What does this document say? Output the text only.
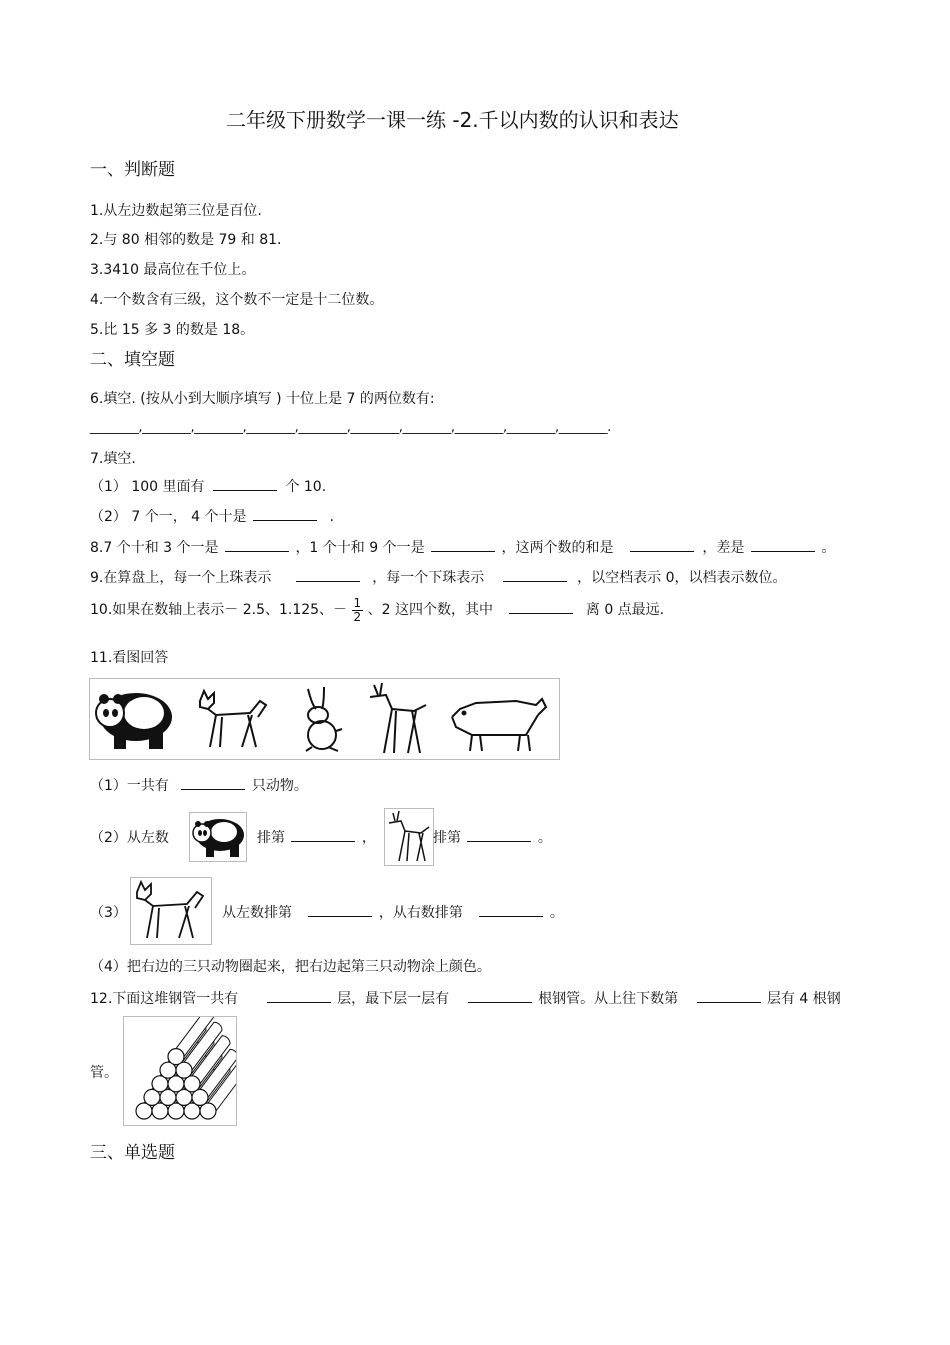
二年级下册数学一课一练 -2.千以内数的认识和表达
一、判断题
1.从左边数起第三位是百位.
2.与 80 相邻的数是 79 和 81.
3.3410 最高位在千位上。
4.一个数含有三级，这个数不一定是十二位数。
5.比 15 多 3 的数是 18。
二、填空题
6.填空. (按从小到大顺序填写 ) 十位上是 7 的两位数有:
________,________,________,________,________,________,________,________,________,________.
7.填空.
（1） 100 里面有	个 10.
（2） 7 个一， 4 个十是	.
8.7 个十和 3 个一是	，1 个十和 9 个一是	，这两个数的和是	，差是	。
9.在算盘上，每一个上珠表示	，每一个下珠表示	，以空档表示 0，以档表示数位。
10.如果在数轴上表示－ 2.5、1.125、－ $\frac{1}{2}$ 、2 这四个数，其中	离 0 点最远.
11.看图回答
（1）一共有	只动物。
（2）从左数	排第	，	排第	。
（3）	从左数排第	，从右数排第	。
（4）把右边的三只动物圈起来，把右边起第三只动物涂上颜色。
12.下面这堆钢管一共有	层，最下层一层有	根钢管。从上往下数第	层有 4 根钢
管。
三、单选题
